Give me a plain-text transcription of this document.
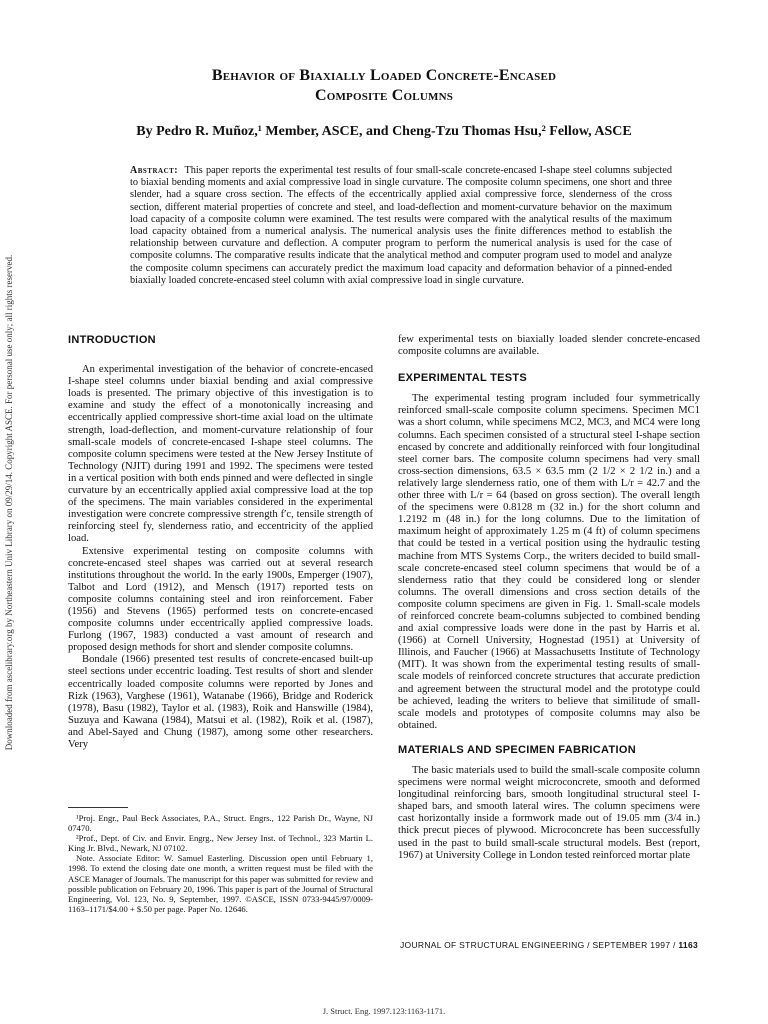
Downloaded from ascelibrary.org by Northeastern Univ Library on 09/29/14. Copyright ASCE. For personal use only; all rights reserved.
Behavior of Biaxially Loaded Concrete-Encased
Composite Columns
By Pedro R. Muñoz,¹ Member, ASCE, and Cheng-Tzu Thomas Hsu,² Fellow, ASCE
Abstract: This paper reports the experimental test results of four small-scale concrete-encased I-shape steel columns subjected to biaxial bending moments and axial compressive load in single curvature. The composite column specimens, one short and three slender, had a square cross section. The effects of the eccentrically applied axial compressive force, slenderness of the cross section, different material properties of concrete and steel, and load-deflection and moment-curvature behavior on the maximum load capacity of a composite column were examined. The test results were compared with the analytical results of the maximum load capacity obtained from a numerical analysis. The numerical analysis uses the finite differences method to establish the relationship between curvature and deflection. A computer program to perform the numerical analysis is used for the case of composite columns. The comparative results indicate that the analytical method and computer program used to model and analyze the composite column specimens can accurately predict the maximum load capacity and deformation behavior of a pinned-ended biaxially loaded concrete-encased steel column with axial compressive load in single curvature.

INTRODUCTION

An experimental investigation of the behavior of concrete-encased I-shape steel columns under biaxial bending and axial compressive loads is presented. The primary objective of this investigation is to examine and study the effect of a monotonically increasing and eccentrically applied compressive short-time axial load on the ultimate strength, load-deflection, and moment-curvature relationship of four small-scale models of concrete-encased I-shape steel columns. The composite column specimens were tested at the New Jersey Institute of Technology (NJIT) during 1991 and 1992. The specimens were tested in a vertical position with both ends pinned and were deflected in single curvature by an eccentrically applied axial compressive load at the top of the specimens. The main variables considered in the experimental investigation were concrete compressive strength f′c, tensile strength of reinforcing steel fy, slenderness ratio, and eccentricity of the applied load.

Extensive experimental testing on composite columns with concrete-encased steel shapes was carried out at several research institutions throughout the world. In the early 1900s, Emperger (1907), Talbot and Lord (1912), and Mensch (1917) reported tests on composite columns containing steel and iron reinforcement. Faber (1956) and Stevens (1965) performed tests on concrete-encased composite columns under eccentrically applied compressive loads. Furlong (1967, 1983) conducted a vast amount of research and proposed design methods for short and slender composite columns.

Bondale (1966) presented test results of concrete-encased built-up steel sections under eccentric loading. Test results of short and slender eccentrically loaded composite columns were reported by Jones and Rizk (1963), Varghese (1961), Watanabe (1966), Bridge and Roderick (1978), Basu (1982), Taylor et al. (1983), Roik and Hanswille (1984), Suzuya and Kawana (1984), Matsui et al. (1982), Roik et al. (1987), and Abel-Sayed and Chung (1987), among some other researchers. Very

¹Proj. Engr., Paul Beck Associates, P.A., Struct. Engrs., 122 Parish Dr., Wayne, NJ 07470.

²Prof., Dept. of Civ. and Envir. Engrg., New Jersey Inst. of Technol., 323 Martin L. King Jr. Blvd., Newark, NJ 07102.

Note. Associate Editor: W. Samuel Easterling. Discussion open until February 1, 1998. To extend the closing date one month, a written request must be filed with the ASCE Manager of Journals. The manuscript for this paper was submitted for review and possible publication on February 20, 1996. This paper is part of the Journal of Structural Engineering, Vol. 123, No. 9, September, 1997. ©ASCE, ISSN 0733-9445/97/0009-1163–1171/$4.00 + $.50 per page. Paper No. 12646.

few experimental tests on biaxially loaded slender concrete-encased composite columns are available.

EXPERIMENTAL TESTS

The experimental testing program included four symmetrically reinforced small-scale composite column specimens. Specimen MC1 was a short column, while specimens MC2, MC3, and MC4 were long columns. Each specimen consisted of a structural steel I-shape section encased by concrete and additionally reinforced with four longitudinal steel corner bars. The composite column specimens had very small cross-section dimensions, 63.5 × 63.5 mm (2 1/2 × 2 1/2 in.) and a relatively large slenderness ratio, one of them with L/r = 42.7 and the other three with L/r = 64 (based on gross section). The overall length of the specimens were 0.8128 m (32 in.) for the short column and 1.2192 m (48 in.) for the long columns. Due to the limitation of maximum height of approximately 1.25 m (4 ft) of column specimens that could be tested in a vertical position using the hydraulic testing machine from MTS Systems Corp., the writers decided to build small-scale concrete-encased steel column specimens that would be of a slenderness ratio that they could be considered long or slender columns. The overall dimensions and cross section details of the composite column specimens are given in Fig. 1. Small-scale models of reinforced concrete beam-columns subjected to combined bending and axial compressive loads were done in the past by Harris et al. (1966) at Cornell University, Hognestad (1951) at University of Illinois, and Faucher (1966) at Massachusetts Institute of Technology (MIT). It was shown from the experimental testing results of small-scale models of reinforced concrete structures that accurate prediction and agreement between the structural model and the prototype could be achieved, leading the writers to believe that similitude of small-scale models and prototypes of composite columns may also be obtained.

MATERIALS AND SPECIMEN FABRICATION

The basic materials used to build the small-scale composite column specimens were normal weight microconcrete, smooth and deformed longitudinal reinforcing bars, smooth longitudinal structural steel I-shaped bars, and smooth lateral wires. The column specimens were cast horizontally inside a formwork made out of 19.05 mm (3/4 in.) thick precut pieces of plywood. Microconcrete has been successfully used in the past to build small-scale structural models. Best (report, 1967) at University College in London tested reinforced mortar plate

JOURNAL OF STRUCTURAL ENGINEERING / SEPTEMBER 1997 / 1163
J. Struct. Eng. 1997.123:1163-1171.
